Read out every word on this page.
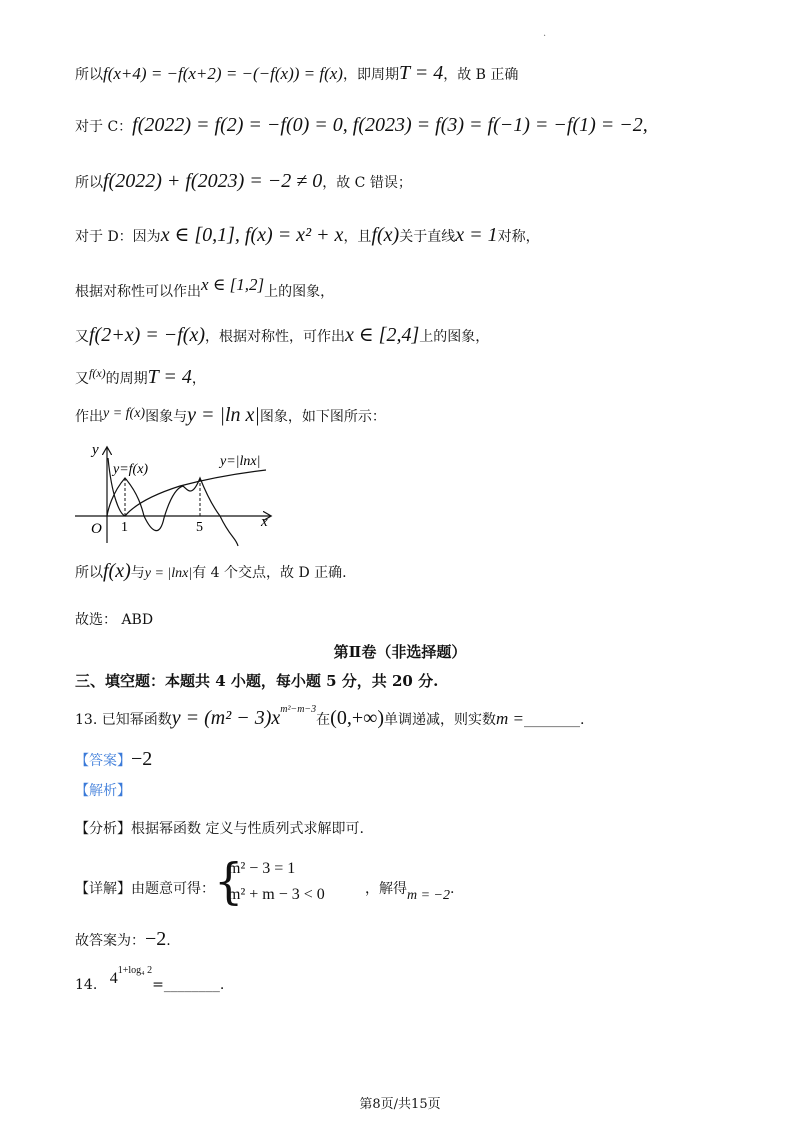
.
所以f(x+4) = −f(x+2) = −(−f(x)) = f(x)，即周期T = 4，故 B 正确
对于 C：f(2022) = f(2) = −f(0) = 0, f(2023) = f(3) = f(−1) = −f(1) = −2,
所以f(2022) + f(2023) = −2 ≠ 0，故 C 错误；
对于 D：因为x ∈ [0,1], f(x) = x² + x，且f(x)关于直线x = 1对称，
根据对称性可以作出x ∈ [1,2]上的图象，
又f(2+x) = −f(x)，根据对称性，可作出x ∈ [2,4]上的图象，
又f(x)的周期T = 4，
作出y = f(x)图象与y = |ln x|图象，如下图所示：
y
x
O 1	5
y=f(x)
y=|lnx|
所以f(x)与y = |lnx|有 4 个交点，故 D 正确.
故选： ABD
第Ⅱ卷（非选择题）
三、填空题：本题共 4 小题，每小题 5 分，共 20 分.
13. 已知幂函数$y = (m^2 - 3)x^{m^2-m-3}$在(0,+∞)单调递减，则实数m =________.
【答案】−2
【解析】
【分析】根据幂函数 定义与性质列式求解即可.
【详解】由题意可得： {
m² − 3 = 1
m² + m − 3 < 0	，解得m = −2.
故答案为：−2.
14. $4^{1+log_4 2}=\_\_\_\_\_\_\_\_$.
第8页/共15页
